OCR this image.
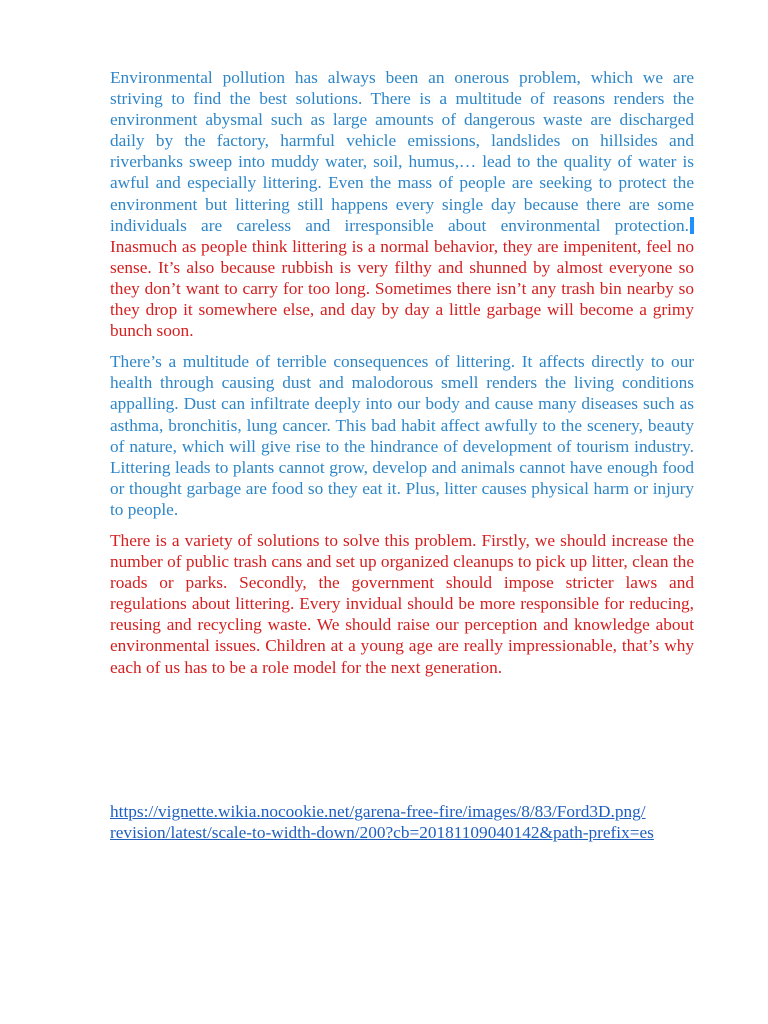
Environmental pollution has always been an onerous problem, which we are striving to find the best solutions. There is a multitude of reasons renders the environment abysmal such as large amounts of dangerous waste are discharged daily by the factory, harmful vehicle emissions, landslides on hillsides and riverbanks sweep into muddy water, soil, humus,… lead to the quality of water is awful and especially littering. Even the mass of people are seeking to protect the environment but littering still happens every single day because there are some individuals are careless and irresponsible about environmental protection. Inasmuch as people think littering is a normal behavior, they are impenitent, feel no sense. It’s also because rubbish is very filthy and shunned by almost everyone so they don’t want to carry for too long. Sometimes there isn’t any trash bin nearby so they drop it somewhere else, and day by day a little garbage will become a grimy bunch soon.

There’s a multitude of terrible consequences of littering. It affects directly to our health through causing dust and malodorous smell renders the living conditions appalling. Dust can infiltrate deeply into our body and cause many diseases such as asthma, bronchitis, lung cancer. This bad habit affect awfully to the scenery, beauty of nature, which will give rise to the hindrance of development of tourism industry. Littering leads to plants cannot grow, develop and animals cannot have enough food or thought garbage are food so they eat it. Plus, litter causes physical harm or injury to people.

There is a variety of solutions to solve this problem. Firstly, we should increase the number of public trash cans and set up organized cleanups to pick up litter, clean the roads or parks. Secondly, the government should impose stricter laws and regulations about littering. Every invidual should be more responsible for reducing, reusing and recycling waste. We should raise our perception and knowledge about environmental issues. Children at a young age are really impressionable, that’s why each of us has to be a role model for the next generation.

https://vignette.wikia.nocookie.net/garena-free-fire/images/8/83/Ford3D.png/
revision/latest/scale-to-width-down/200?cb=20181109040142&path-prefix=es
